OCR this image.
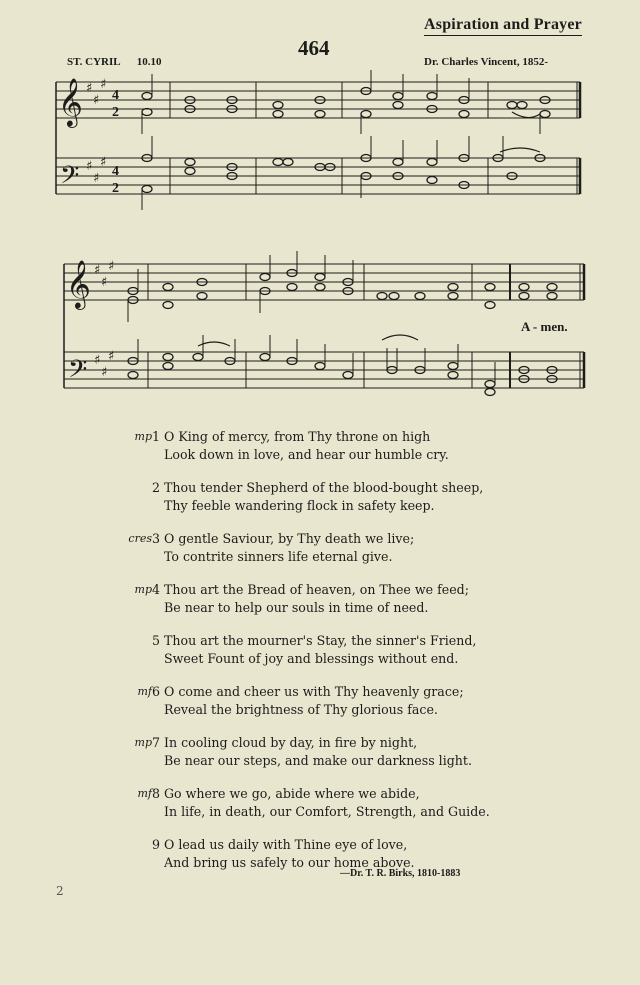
Aspiration and Prayer
464
ST. CYRIL 10.10	Dr. Charles Vincent, 1852-
𝄞
𝄢
♯
♯
♯
♯
♯
♯
4
2
4
2
𝄞
𝄢
♯
♯
♯
♯
♯
♯
A - men.
mp 1 O King of mercy, from Thy throne on high
Look down in love, and hear our humble cry.
2 Thou tender Shepherd of the blood-bought sheep,
Thy feeble wandering flock in safety keep.
cres 3 O gentle Saviour, by Thy death we live;
To contrite sinners life eternal give.
mp 4 Thou art the Bread of heaven, on Thee we feed;
Be near to help our souls in time of need.
5 Thou art the mourner's Stay, the sinner's Friend,
Sweet Fount of joy and blessings without end.
mf 6 O come and cheer us with Thy heavenly grace;
Reveal the brightness of Thy glorious face.
mp 7 In cooling cloud by day, in fire by night,
Be near our steps, and make our darkness light.
mf 8 Go where we go, abide where we abide,
In life, in death, our Comfort, Strength, and Guide.
9 O lead us daily with Thine eye of love,
And bring us safely to our home above.
—Dr. T. R. Birks, 1810-1883
2
